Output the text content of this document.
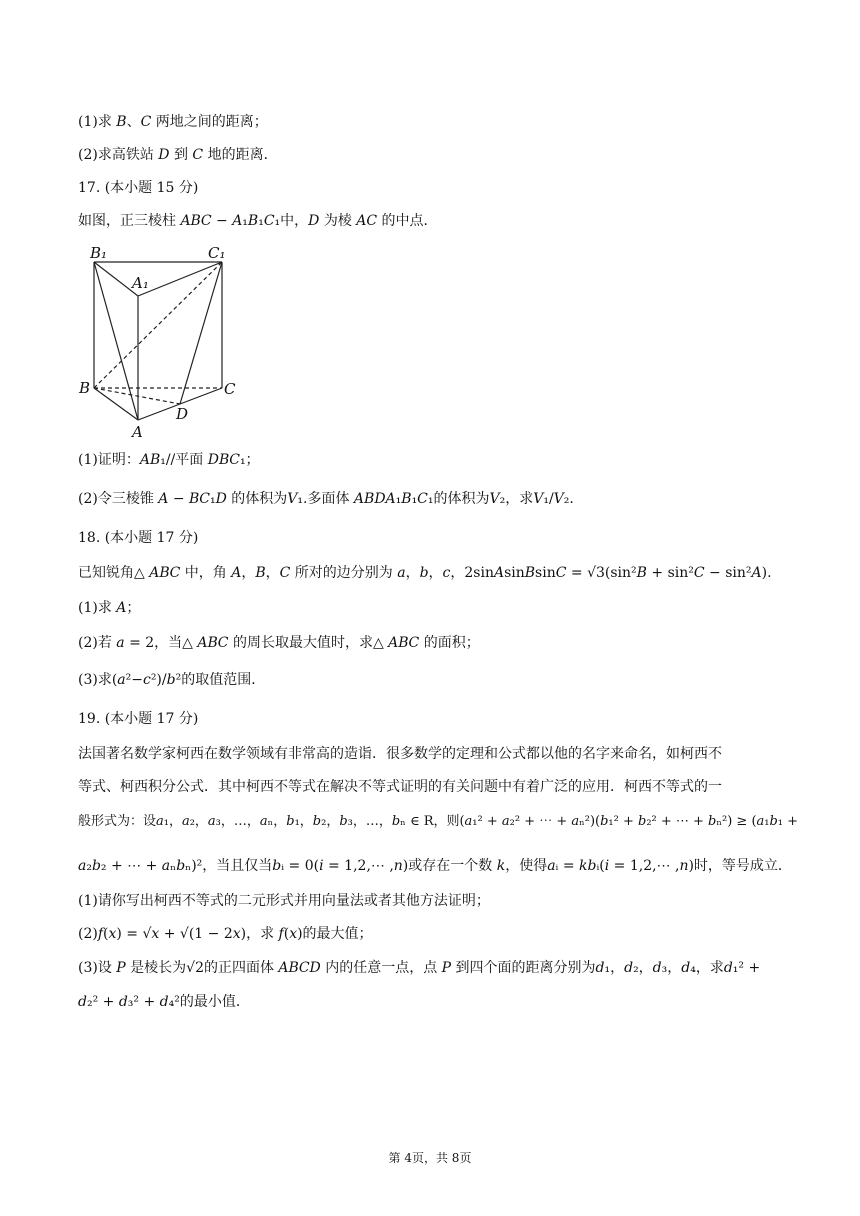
(1)求 𝐵、𝐶 两地之间的距离；
(2)求高铁站 𝐷 到 𝐶 地的距离．
17. (本小题 15 分)
如图，正三棱柱 𝐴𝐵𝐶 − 𝐴₁𝐵₁𝐶₁中，𝐷 为棱 𝐴𝐶 的中点．
B₁	C₁
A₁
B	C
D
A
(1)证明：𝐴𝐵₁//平面 𝐷𝐵𝐶₁；
(2)令三棱锥 𝐴 − 𝐵𝐶₁𝐷 的体积为𝑉₁.多面体 𝐴𝐵𝐷𝐴₁𝐵₁𝐶₁的体积为𝑉₂，求𝑉₁/𝑉₂.
18. (本小题 17 分)
已知锐角△ 𝐴𝐵𝐶 中，角 𝐴，𝐵，𝐶 所对的边分别为 𝑎，𝑏，𝑐，2sin𝐴sin𝐵sin𝐶 = √3(sin²𝐵 + sin²𝐶 − sin²𝐴).
(1)求 𝐴；
(2)若 𝑎 = 2，当△ 𝐴𝐵𝐶 的周长取最大值时，求△ 𝐴𝐵𝐶 的面积；
(3)求(𝑎²−𝑐²)/𝑏²的取值范围．
19. (本小题 17 分)
法国著名数学家柯西在数学领域有非常高的造诣．很多数学的定理和公式都以他的名字来命名，如柯西不
等式、柯西积分公式．其中柯西不等式在解决不等式证明的有关问题中有着广泛的应用．柯西不等式的一
般形式为：设𝑎₁，𝑎₂，𝑎₃，…，𝑎ₙ，𝑏₁，𝑏₂，𝑏₃，…，𝑏ₙ ∈ R，则(𝑎₁² + 𝑎₂² + ⋯ + 𝑎ₙ²)(𝑏₁² + 𝑏₂² + ⋯ + 𝑏ₙ²) ≥ (𝑎₁𝑏₁ +
𝑎₂𝑏₂ + ⋯ + 𝑎ₙ𝑏ₙ)²，当且仅当𝑏ᵢ = 0(𝑖 = 1,2,⋯ ,𝑛)或存在一个数 𝑘，使得𝑎ᵢ = 𝑘𝑏ᵢ(𝑖 = 1,2,⋯ ,𝑛)时，等号成立．
(1)请你写出柯西不等式的二元形式并用向量法或者其他方法证明；
(2)𝑓(𝑥) = √𝑥 + √(1 − 2𝑥)，求 𝑓(𝑥)的最大值；
(3)设 𝑃 是棱长为√2的正四面体 𝐴𝐵𝐶𝐷 内的任意一点，点 𝑃 到四个面的距离分别为𝑑₁，𝑑₂，𝑑₃，𝑑₄，求𝑑₁² +
𝑑₂² + 𝑑₃² + 𝑑₄²的最小值．
第 4页，共 8页
